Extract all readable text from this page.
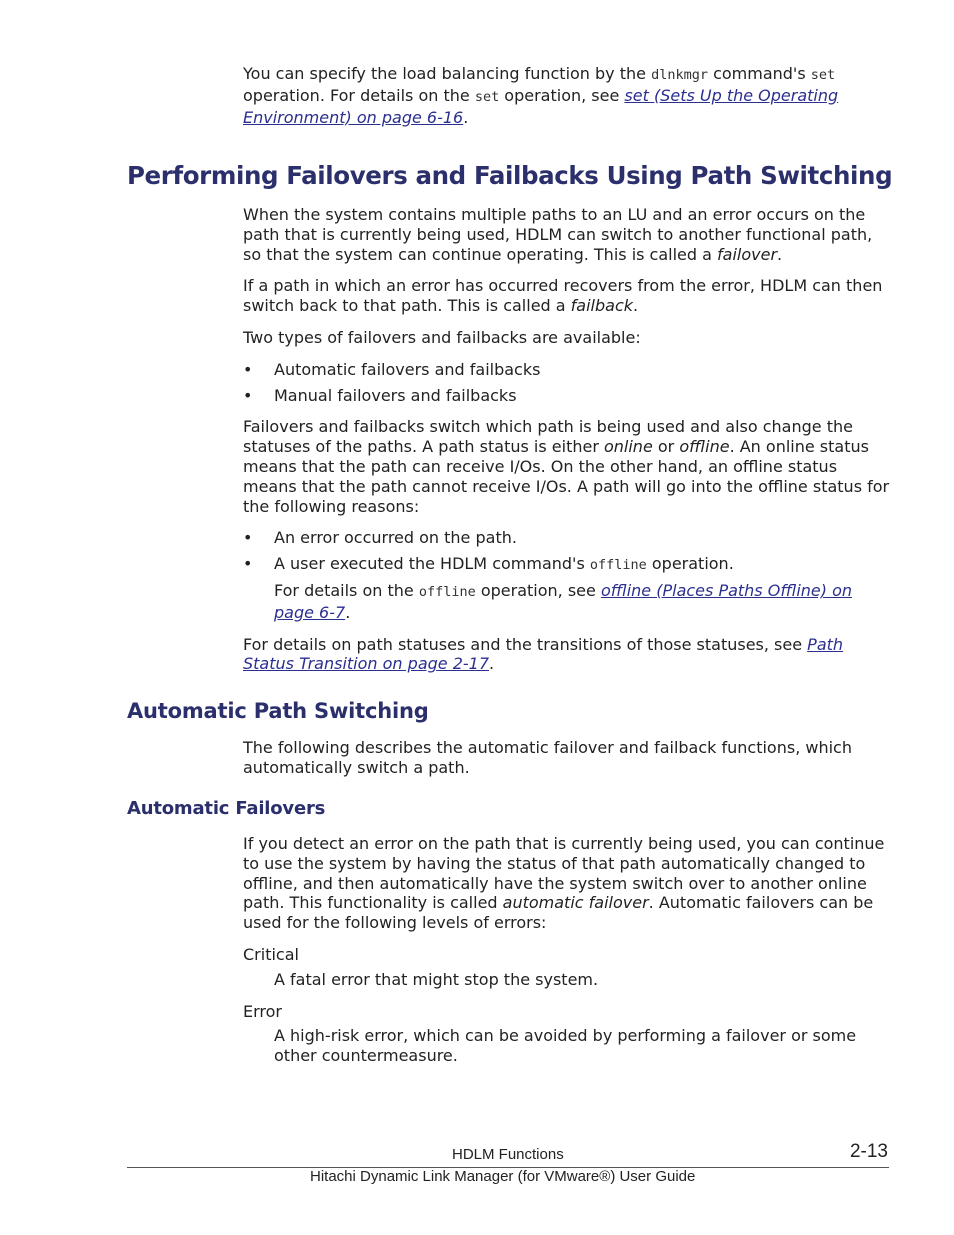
You can specify the load balancing function by the dlnkmgr command's set operation. For details on the set operation, see set (Sets Up the Operating Environment) on page 6-16.

Performing Failovers and Failbacks Using Path Switching

When the system contains multiple paths to an LU and an error occurs on the path that is currently being used, HDLM can switch to another functional path, so that the system can continue operating. This is called a failover.

If a path in which an error has occurred recovers from the error, HDLM can then switch back to that path. This is called a failback.

Two types of failovers and failbacks are available:

• Automatic failovers and failbacks
• Manual failovers and failbacks

Failovers and failbacks switch which path is being used and also change the statuses of the paths. A path status is either online or offline. An online status means that the path can receive I/Os. On the other hand, an offline status means that the path cannot receive I/Os. A path will go into the offline status for the following reasons:

• An error occurred on the path.
• A user executed the HDLM command's offline operation.

For details on the offline operation, see offline (Places Paths Offline) on page 6-7.

For details on path statuses and the transitions of those statuses, see Path Status Transition on page 2-17.

Automatic Path Switching

The following describes the automatic failover and failback functions, which automatically switch a path.

Automatic Failovers

If you detect an error on the path that is currently being used, you can continue to use the system by having the status of that path automatically changed to offline, and then automatically have the system switch over to another online path. This functionality is called automatic failover. Automatic failovers can be used for the following levels of errors:

Critical

A fatal error that might stop the system.

Error

A high-risk error, which can be avoided by performing a failover or some other countermeasure.

HDLM Functions	2-13
Hitachi Dynamic Link Manager (for VMware®) User Guide
